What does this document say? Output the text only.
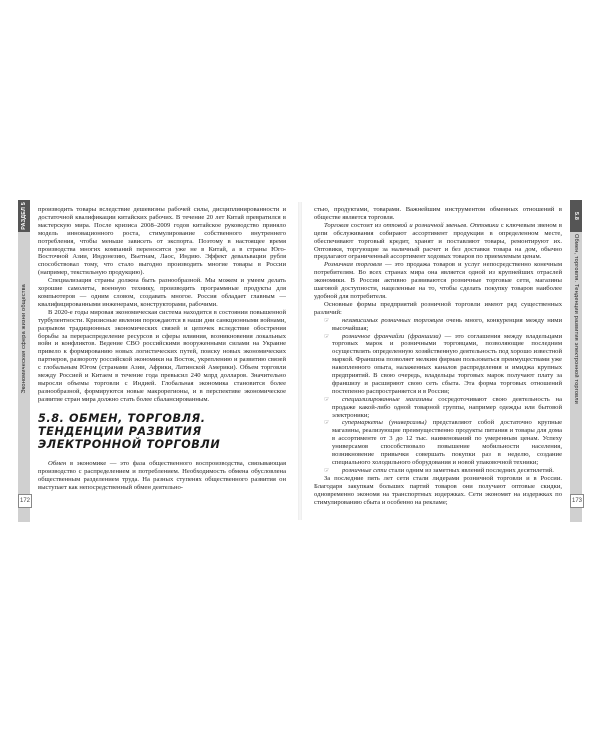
производить товары вследствие дешевизны рабочей силы, дисциплинированности и достаточной квалификации китайских рабочих. В течение 20 лет Китай превратился в мастерскую мира. После кризиса 2008–2009 годов китайское руководство приняло модель инновационного роста, стимулирование собственного внутреннего потребления, чтобы меньше зависеть от экспорта. Поэтому в настоящее время производства многих компаний переносятся уже не в Китай, а в страны Юго-Восточной Азии, Индонезию, Вьетнам, Лаос, Индию. Эффект девальвации рубля способствовал тому, что стало выгодно производить многие товары в России (например, текстильную продукцию).

Специализация страны должна быть разнообразной. Мы можем и умеем делать хорошие самолеты, военную технику, производить программные продукты для компьютеров — одним словом, создавать многое. Россия обладает главным — квалифицированными инженерами, конструкторами, рабочими.

В 2020-е годы мировая экономическая система находится в состоянии повышенной турбулентности. Кризисные явления порождаются в наши дни санкционными войнами, разрывом традиционных экономических связей и цепочек вследствие обострения борьбы за перераспределение ресурсов и сферы влияния, возникновения локальных войн и конфликтов. Ведение СВО российскими вооруженными силами на Украине привело к формированию новых логистических путей, поиску новых экономических партнеров, развороту российской экономики на Восток, укреплению и развитию связей с глобальным Югом (странами Азии, Африки, Латинской Америки). Объем торговли между Россией и Китаем в течение года превысил 240 млрд долларов. Значительно выросли объемы торговли с Индией. Глобальная экономика становится более разнообразной, формируются новые макрорегионы, и в перспективе экономическое развитие стран мира должно стать более сбалансированным.

5.8. ОБМЕН, ТОРГОВЛЯ.
ТЕНДЕНЦИИ РАЗВИТИЯ
ЭЛЕКТРОННОЙ ТОРГОВЛИ

Обмен в экономике — это фаза общественного воспроизводства, связывающая производство с распределением и потреблением. Необходимость обмена обусловлена общественным разделением труда. На разных ступенях общественного развития он выступает как непосредственный обмен деятельно-

РАЗДЕЛ 5
Экономическая сфера жизни общества
172

стью, продуктами, товарами. Важнейшим инструментом обменных отношений в обществе является торговля.

Торговля состоит из оптовой и розничной звеньев. Оптовики с ключевым звеном в цепи обслуживания собирают ассортимент продукции в определенном месте, обеспечивают торговый кредит, хранят и поставляют товары, ремонтируют их. Оптовики, торгующие за наличный расчет и без доставки товара на дом, обычно предлагают ограниченный ассортимент ходовых товаров по приемлемым ценам.

Розничная торговля — это продажа товаров и услуг непосредственно конечным потребителям. Во всех странах мира она является одной из крупнейших отраслей экономики. В России активно развиваются розничные торговые сети, магазины шаговой доступности, нацеленные на то, чтобы сделать покупку товаров наиболее удобной для потребителя.

Основные формы предприятий розничной торговли имеют ряд существенных различий:

☞ независимых розничных торговцев очень много, конкуренция между ними высочайшая;

☞ розничное франчайзи (франшиза) — это соглашения между владельцами торговых марок и розничными торговцами, позволяющие последним осуществлять определенную хозяйственную деятельность под хорошо известной маркой. Франшиза позволяет мелким фирмам пользоваться преимуществами уже накопленного опыта, налаженных каналов распределения и имиджа крупных предприятий. В свою очередь, владельцы торговых марок получают плату за франшизу и расширяют свою сеть сбыта. Эта форма торговых отношений постепенно распространяется и в России;

☞ специализированные магазины сосредоточивают свою деятельность на продаже какой-либо одной товарной группы, например одежды или бытовой электроники;

☞ супермаркеты (универсамы) представляют собой достаточно крупные магазины, реализующие преимущественно продукты питания и товары для дома в ассортименте от 3 до 12 тыс. наименований по умеренным ценам. Успеху универсамов способствовало повышение мобильности населения, возникновение привычки совершать покупки раз в неделю, создание специального холодильного оборудования и новой упаковочной техники;

☞ розничные сети стали одним из заметных явлений последних десятилетий.

За последние пять лет сети стали лидерами розничной торговли и в России. Благодаря закупкам больших партий товаров они получают оптовые скидки, одновременно экономя на транспортных издержках. Сети экономят на издержках по стимулированию сбыта и особенно на рекламе;

5.8
Обмен, торговля. Тенденции развития электронной торговли
173
